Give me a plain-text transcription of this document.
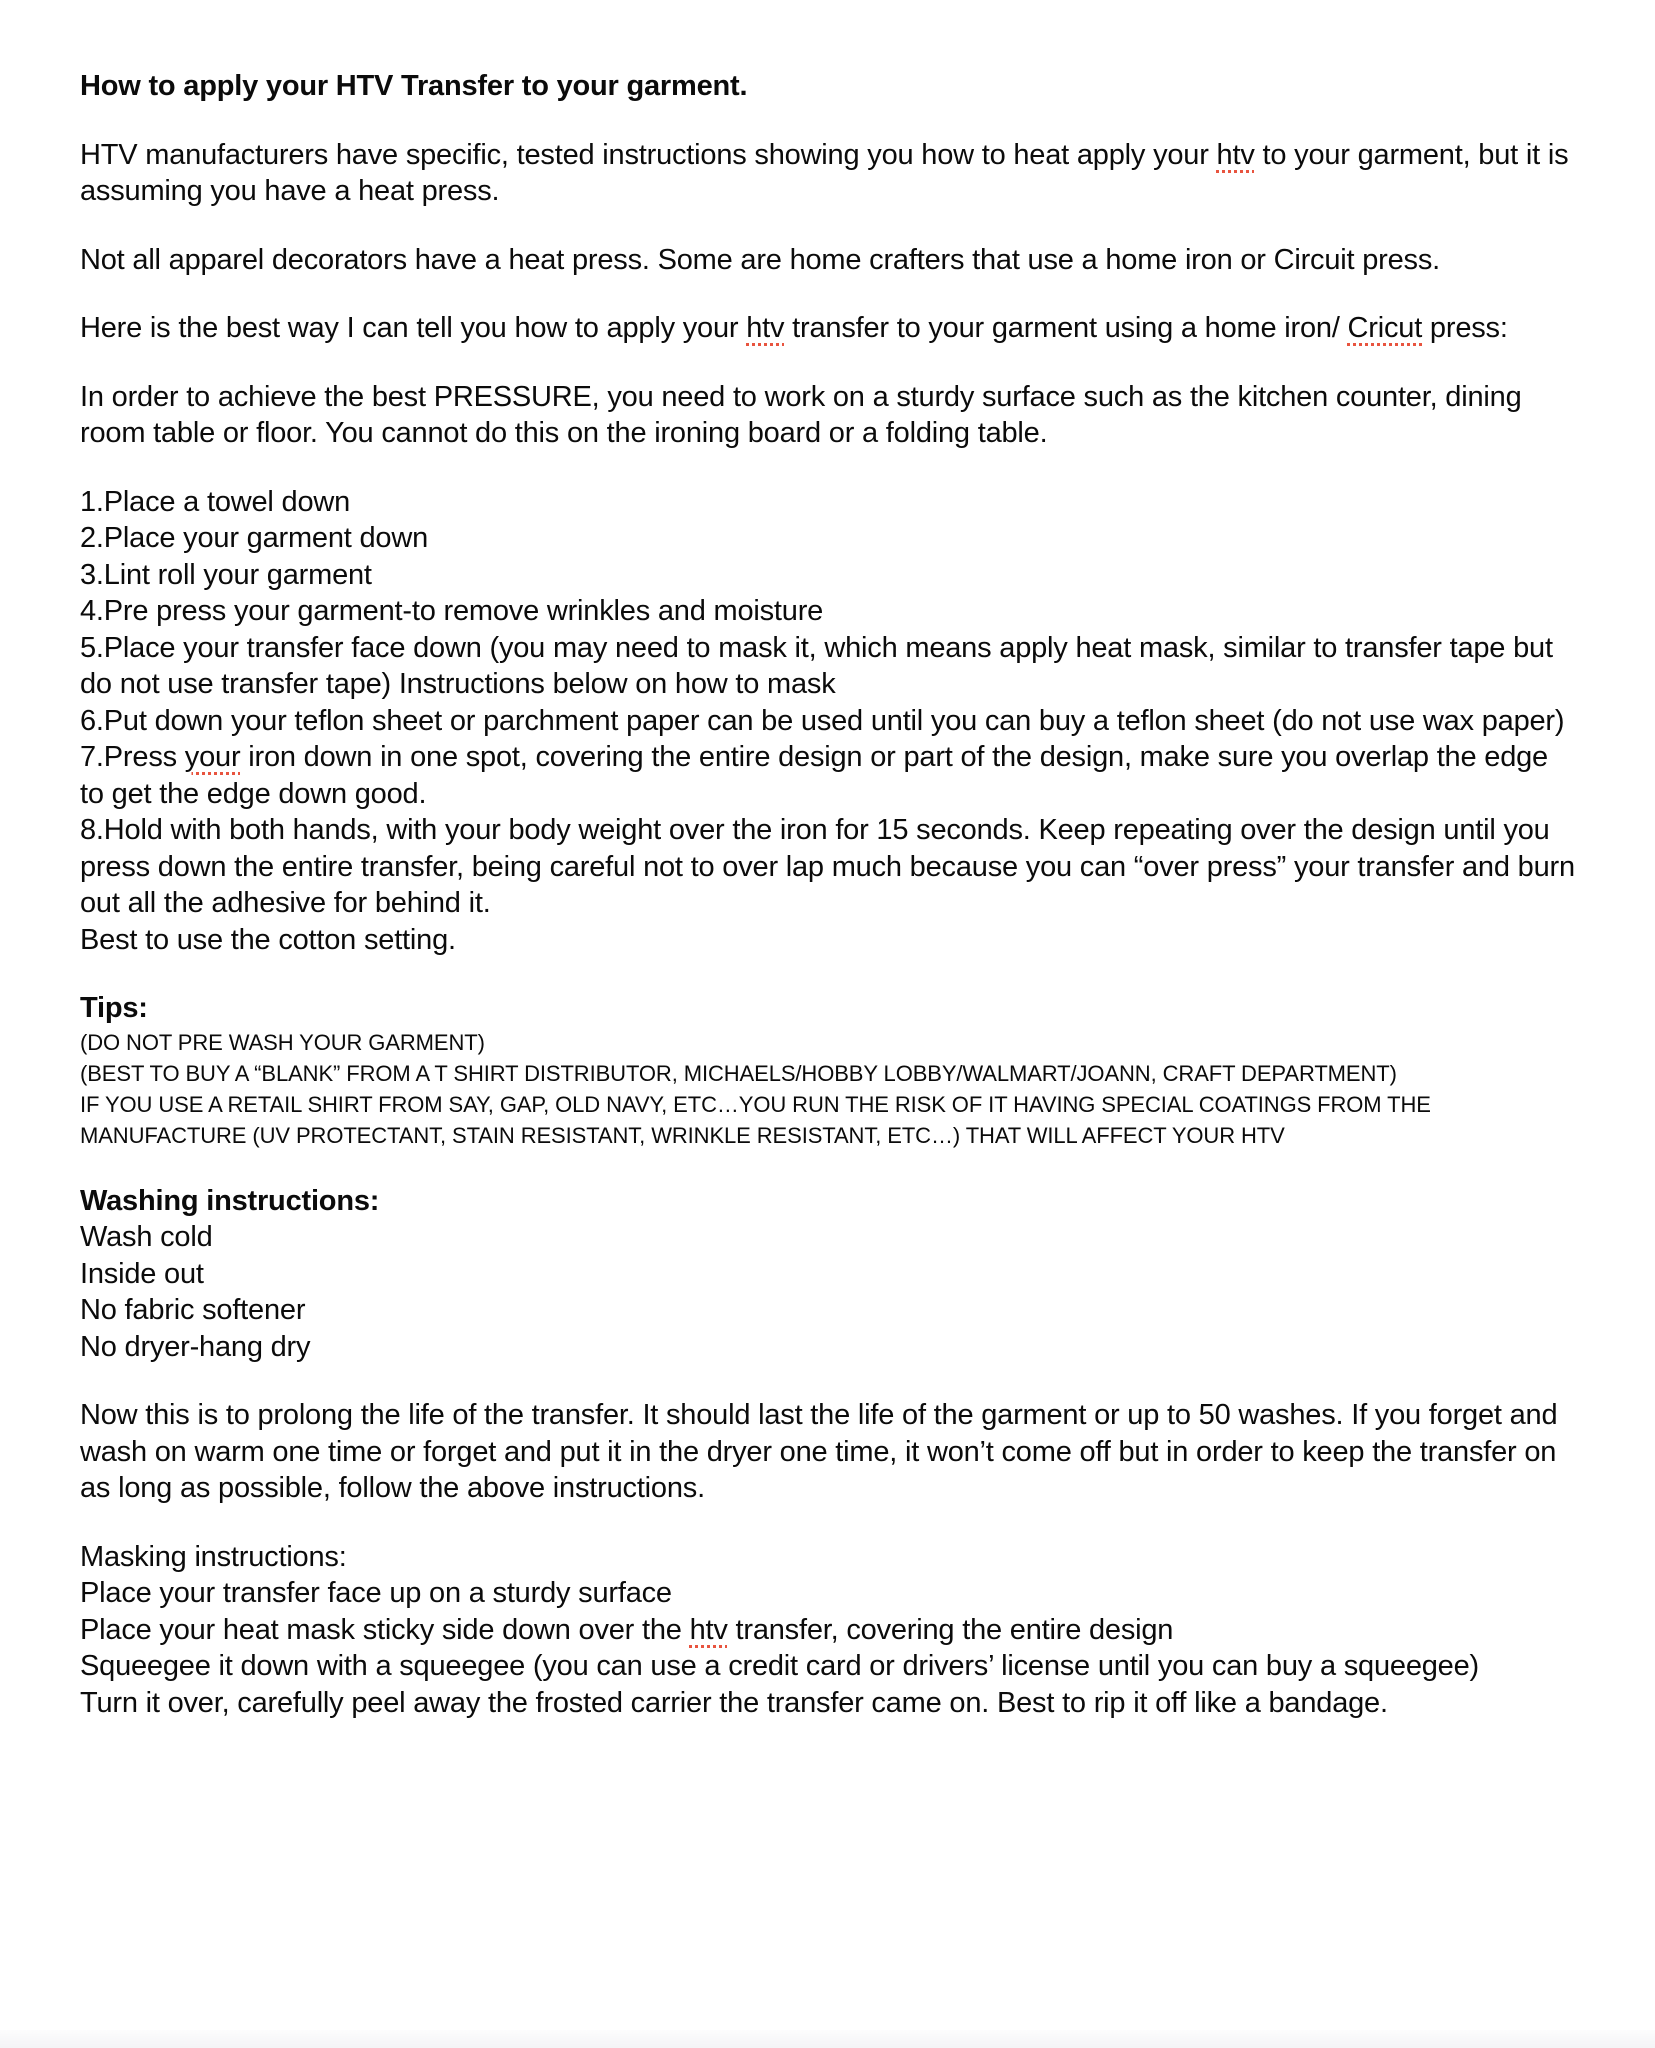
How to apply your HTV Transfer to your garment.

HTV manufacturers have specific, tested instructions showing you how to heat apply your htv to your garment, but it is assuming you have a heat press.

Not all apparel decorators have a heat press. Some are home crafters that use a home iron or Circuit press.

Here is the best way I can tell you how to apply your htv transfer to your garment using a home iron/ Cricut press:

In order to achieve the best PRESSURE, you need to work on a sturdy surface such as the kitchen counter, dining room table or floor. You cannot do this on the ironing board or a folding table.

1.Place a towel down
2.Place your garment down
3.Lint roll your garment
4.Pre press your garment-to remove wrinkles and moisture
5.Place your transfer face down (you may need to mask it, which means apply heat mask, similar to transfer tape but do not use transfer tape) Instructions below on how to mask
6.Put down your teflon sheet or parchment paper can be used until you can buy a teflon sheet (do not use wax paper)
7.Press your iron down in one spot, covering the entire design or part of the design, make sure you overlap the edge to get the edge down good.
8.Hold with both hands, with your body weight over the iron for 15 seconds. Keep repeating over the design until you press down the entire transfer, being careful not to over lap much because you can “over press” your transfer and burn out all the adhesive for behind it.
Best to use the cotton setting.
Tips:
(DO NOT PRE WASH YOUR GARMENT)
(BEST TO BUY A “BLANK” FROM A T SHIRT DISTRIBUTOR, MICHAELS/HOBBY LOBBY/WALMART/JOANN, CRAFT DEPARTMENT)
IF YOU USE A RETAIL SHIRT FROM SAY, GAP, OLD NAVY, ETC…YOU RUN THE RISK OF IT HAVING SPECIAL COATINGS FROM THE MANUFACTURE (UV PROTECTANT, STAIN RESISTANT, WRINKLE RESISTANT, ETC…) THAT WILL AFFECT YOUR HTV
Washing instructions:
Wash cold
Inside out
No fabric softener
No dryer-hang dry

Now this is to prolong the life of the transfer. It should last the life of the garment or up to 50 washes. If you forget and wash on warm one time or forget and put it in the dryer one time, it won’t come off but in order to keep the transfer on as long as possible, follow the above instructions.

Masking instructions:
Place your transfer face up on a sturdy surface
Place your heat mask sticky side down over the htv transfer, covering the entire design
Squeegee it down with a squeegee (you can use a credit card or drivers’ license until you can buy a squeegee)
Turn it over, carefully peel away the frosted carrier the transfer came on. Best to rip it off like a bandage.
